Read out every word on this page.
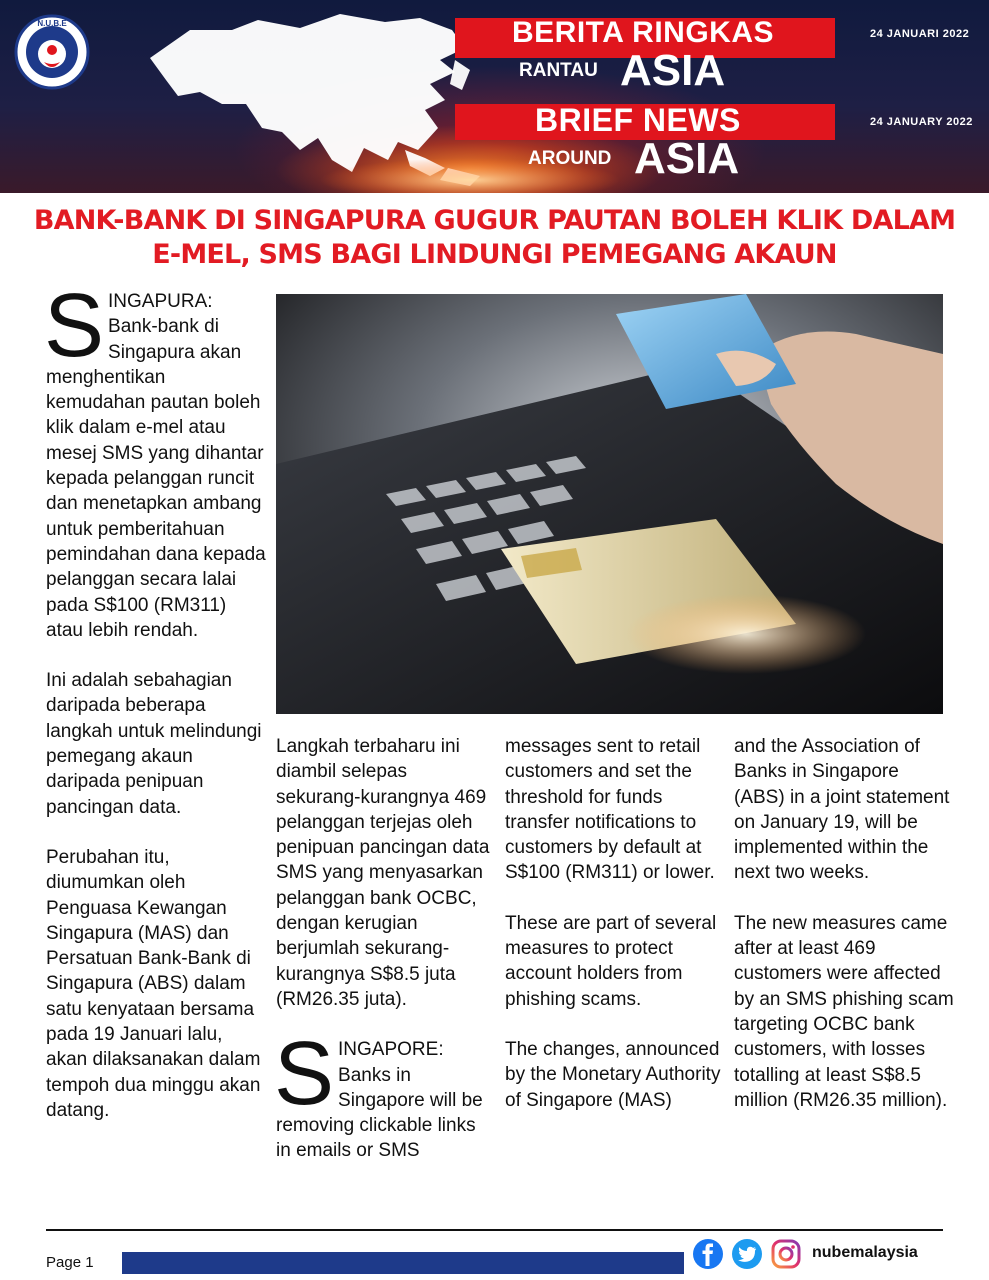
N.U.B.E	BERITA RINGKAS
RANTAU ASIA
BRIEF NEWS
AROUND ASIA
24 JANUARI 2022
24 JANUARY 2022
BANK-BANK DI SINGAPURA GUGUR PAUTAN BOLEH KLIK DALAM
E-MEL, SMS BAGI LINDUNGI PEMEGANG AKAUN

SINGAPURA: Bank-bank di Singapura akan menghentikan kemudahan pautan boleh klik dalam e-mel atau mesej SMS yang dihantar kepada pelanggan runcit dan menetapkan ambang untuk pemberitahuan pemindahan dana kepada pelanggan secara lalai pada S$100 (RM311) atau lebih rendah.

Ini adalah sebahagian daripada beberapa langkah untuk melindungi pemegang akaun daripada penipuan pancingan data.

Perubahan itu, diumumkan oleh Penguasa Kewangan Singapura (MAS) dan Persatuan Bank-Bank di Singapura (ABS) dalam satu kenyataan bersama pada 19 Januari lalu, akan dilaksanakan dalam tempoh dua minggu akan datang.

Langkah terbaharu ini diambil selepas sekurang-kurangnya 469 pelanggan terjejas oleh penipuan pancingan data SMS yang menyasarkan pelanggan bank OCBC, dengan kerugian berjumlah sekurang-kurangnya S$8.5 juta (RM26.35 juta).

SINGAPORE: Banks in Singapore will be removing clickable links in emails or SMS

messages sent to retail customers and set the threshold for funds transfer notifications to customers by default at S$100 (RM311) or lower.

These are part of several measures to protect account holders from phishing scams.

The changes, announced by the Monetary Authority of Singapore (MAS)

and the Association of Banks in Singapore (ABS) in a joint statement on January 19, will be implemented within the next two weeks.

The new measures came after at least 469 customers were affected by an SMS phishing scam targeting OCBC bank customers, with losses totalling at least S$8.5 million (RM26.35 million).

Page 1
nubemalaysia
